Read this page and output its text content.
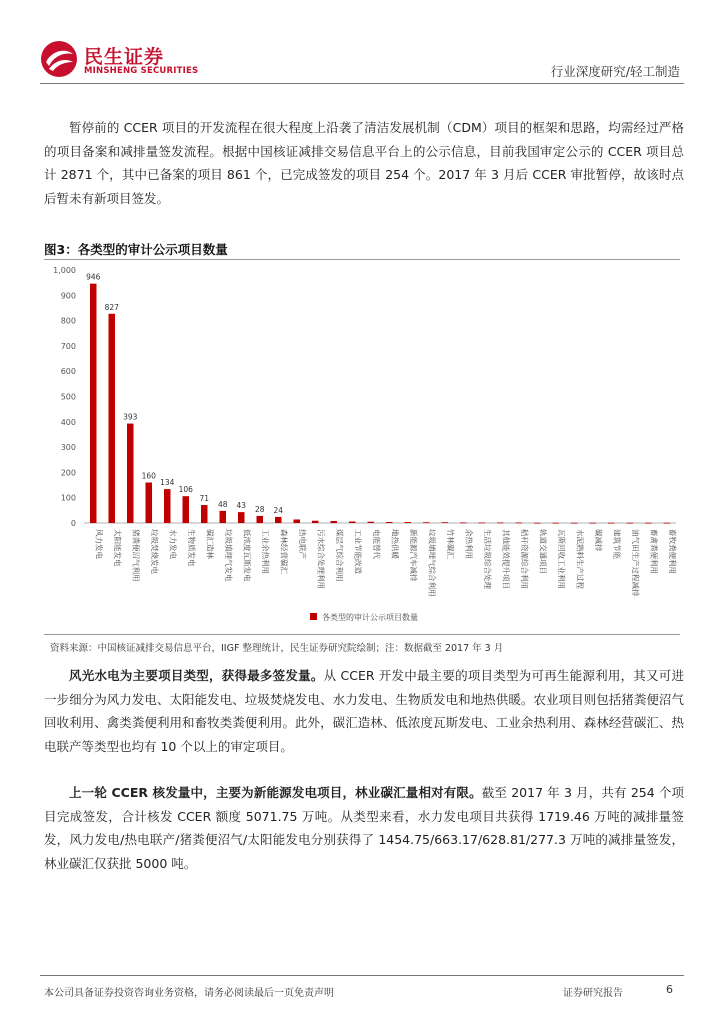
民生证券
MINSHENG SECURITIES	行业深度研究/轻工制造

暂停前的 CCER 项目的开发流程在很大程度上沿袭了清洁发展机制（CDM）项目的框架和思路，均需经过严格的项目备案和减排量签发流程。根据中国核证减排交易信息平台上的公示信息，目前我国审定公示的 CCER 项目总计 2871 个，其中已备案的项目 861 个，已完成签发的项目 254 个。2017 年 3 月后 CCER 审批暂停，故该时点后暂未有新项目签发。

图3：各类型的审计公示项目数量
0
100
200
300
400
500
600
700
800
900
1,000
946
风力发电
827
太阳能发电
393
猪粪便沼气利用
160
垃圾焚烧发电
134
水力发电
106
生物质发电
71
碳汇造林
48
垃圾填埋气发电
43
低浓度瓦斯发电
28
工业余热利用
24
森林经营碳汇 热电联产 污水综合处理利用 煤层气综合利用 工业节能改造 电能替代 地热供暖 新能源汽车减排 垃圾填埋气综合利用 竹林碳汇 余热利用 生活垃圾综合处理 其他能效提升项目 秸秆资源综合利用 轨道交通项目 瓦斯回收工业利用 水泥熟料生产过程 碳减排 建筑节能 油气田生产过程减排 畜禽粪便利用 畜牧粪便利用
各类型的审计公示项目数量
资料来源：中国核证减排交易信息平台，IIGF 整理统计，民生证券研究院绘制；注：数据截至 2017 年 3 月

风光水电为主要项目类型，获得最多签发量。从 CCER 开发中最主要的项目类型为可再生能源利用，其又可进一步细分为风力发电、太阳能发电、垃圾焚烧发电、水力发电、生物质发电和地热供暖。农业项目则包括猪粪便沼气回收利用、禽类粪便利用和畜牧类粪便利用。此外，碳汇造林、低浓度瓦斯发电、工业余热利用、森林经营碳汇、热电联产等类型也均有 10 个以上的审定项目。

上一轮 CCER 核发量中，主要为新能源发电项目，林业碳汇量相对有限。截至 2017 年 3 月，共有 254 个项目完成签发，合计核发 CCER 额度 5071.75 万吨。从类型来看，水力发电项目共获得 1719.46 万吨的减排量签发，风力发电/热电联产/猪粪便沼气/太阳能发电分别获得了 1454.75/663.17/628.81/277.3 万吨的减排量签发，林业碳汇仅获批 5000 吨。

本公司具备证券投资咨询业务资格，请务必阅读最后一页免责声明	证券研究报告	6
